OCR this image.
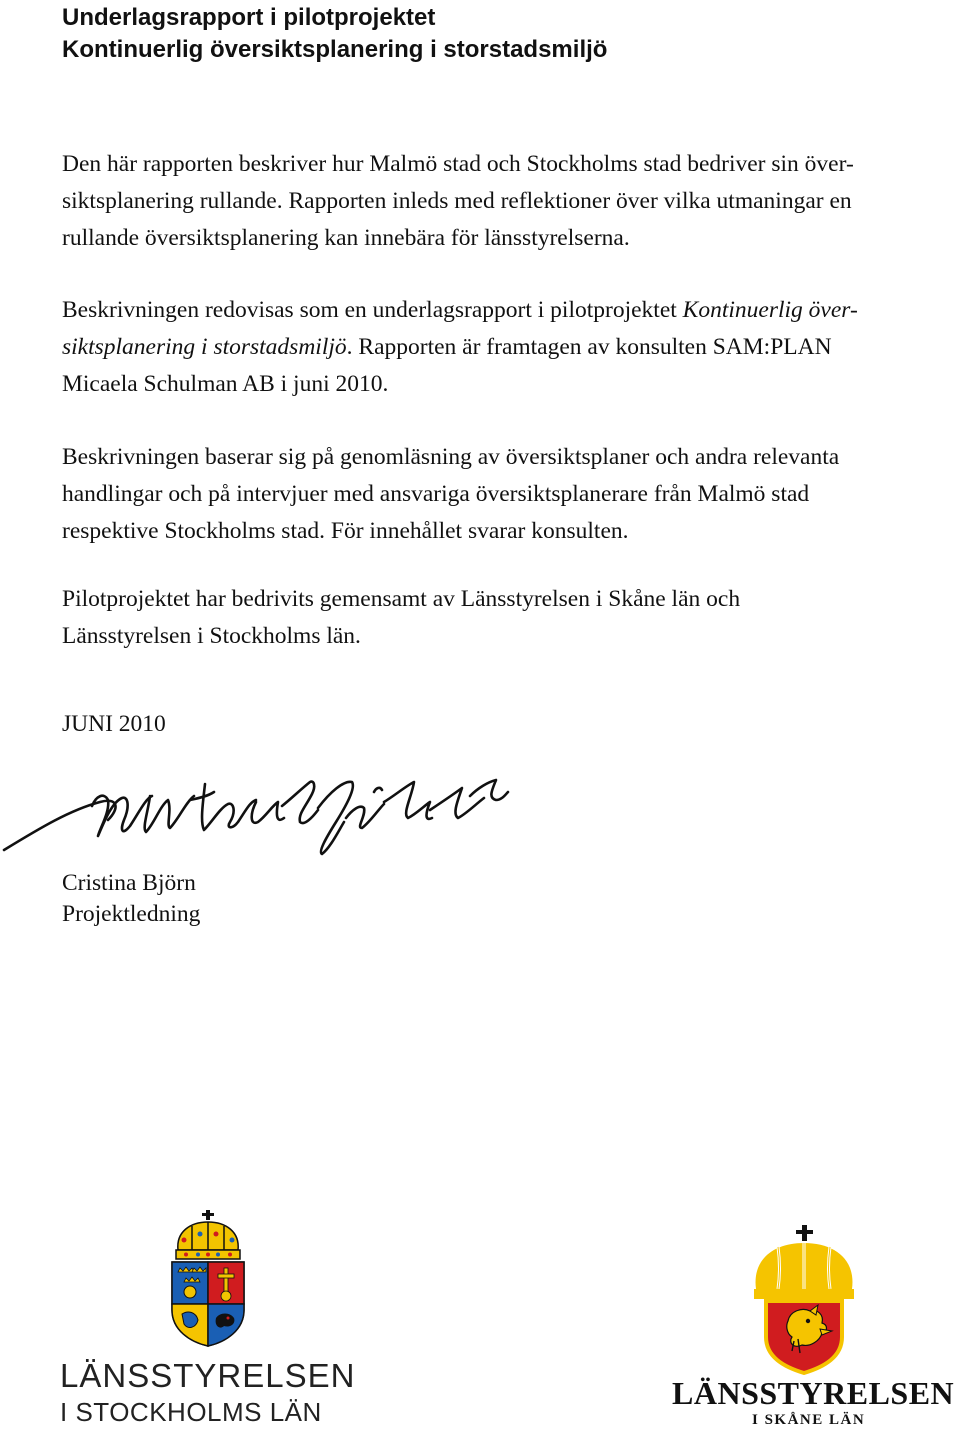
Underlagsrapport i pilotprojektet
Kontinuerlig översiktsplanering i storstadsmiljö

Den här rapporten beskriver hur Malmö stad och Stockholms stad bedriver sin över-
siktsplanering rullande. Rapporten inleds med reflektioner över vilka utmaningar en
rullande översiktsplanering kan innebära för länsstyrelserna.

Beskrivningen redovisas som en underlagsrapport i pilotprojektet Kontinuerlig över-
siktsplanering i storstadsmiljö. Rapporten är framtagen av konsulten SAM:PLAN
Micaela Schulman AB i juni 2010.

Beskrivningen baserar sig på genomläsning av översiktsplaner och andra relevanta
handlingar och på intervjuer med ansvariga översiktsplanerare från Malmö stad
respektive Stockholms stad. För innehållet svarar konsulten.

Pilotprojektet har bedrivits gemensamt av Länsstyrelsen i Skåne län och
Länsstyrelsen i Stockholms län.

JUNI 2010
Cristina Björn
Projektledning
LÄNSSTYRELSEN
I STOCKHOLMS LÄN
LÄNSSTYRELSEN
I SKÅNE LÄN
